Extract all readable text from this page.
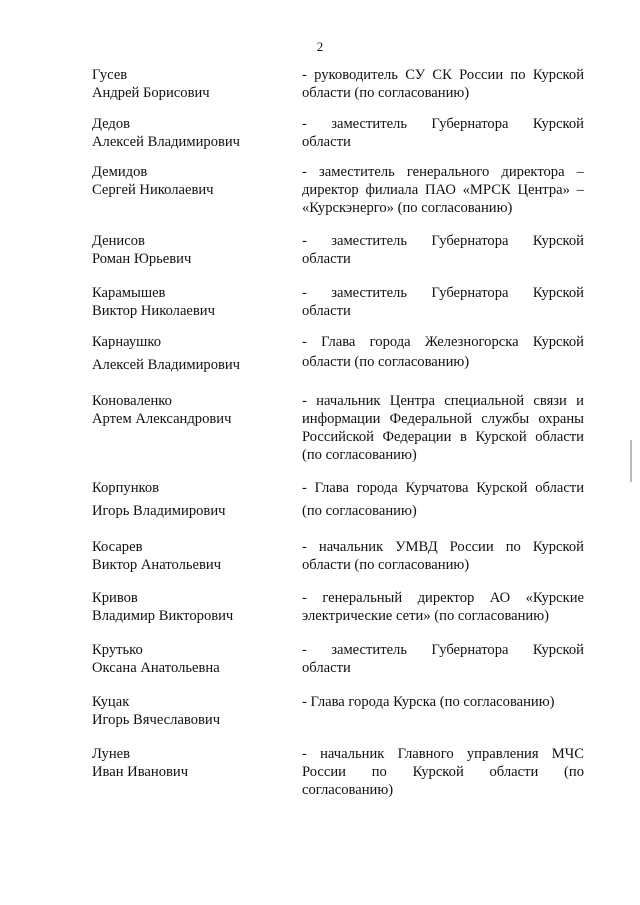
2
Гусев
Андрей Борисович
- руководитель СУ СК России по Курской
области (по согласованию)
Дедов
Алексей Владимирович
- заместитель Губернатора Курской
области
Демидов
Сергей Николаевич
- заместитель генерального директора –
директор филиала ПАО «МРСК Центра» –
«Курскэнерго» (по согласованию)
Денисов
Роман Юрьевич
- заместитель Губернатора Курской
области
Карамышев
Виктор Николаевич
- заместитель Губернатора Курской
области
Карнаушко
Алексей Владимирович
- Глава города Железногорска Курской
области (по согласованию)
Коноваленко
Артем Александрович
- начальник Центра специальной связи и
информации Федеральной службы охраны
Российской Федерации в Курской области
(по согласованию)
Корпунков
Игорь Владимирович
- Глава города Курчатова Курской области
(по согласованию)
Косарев
Виктор Анатольевич
- начальник УМВД России по Курской
области (по согласованию)
Кривов
Владимир Викторович
- генеральный директор АО «Курские
электрические сети» (по согласованию)
Крутько
Оксана Анатольевна
- заместитель Губернатора Курской
области
Куцак
Игорь Вячеславович
- Глава города Курска (по согласованию)
Лунев
Иван Иванович
- начальник Главного управления МЧС
России по Курской области (по
согласованию)
